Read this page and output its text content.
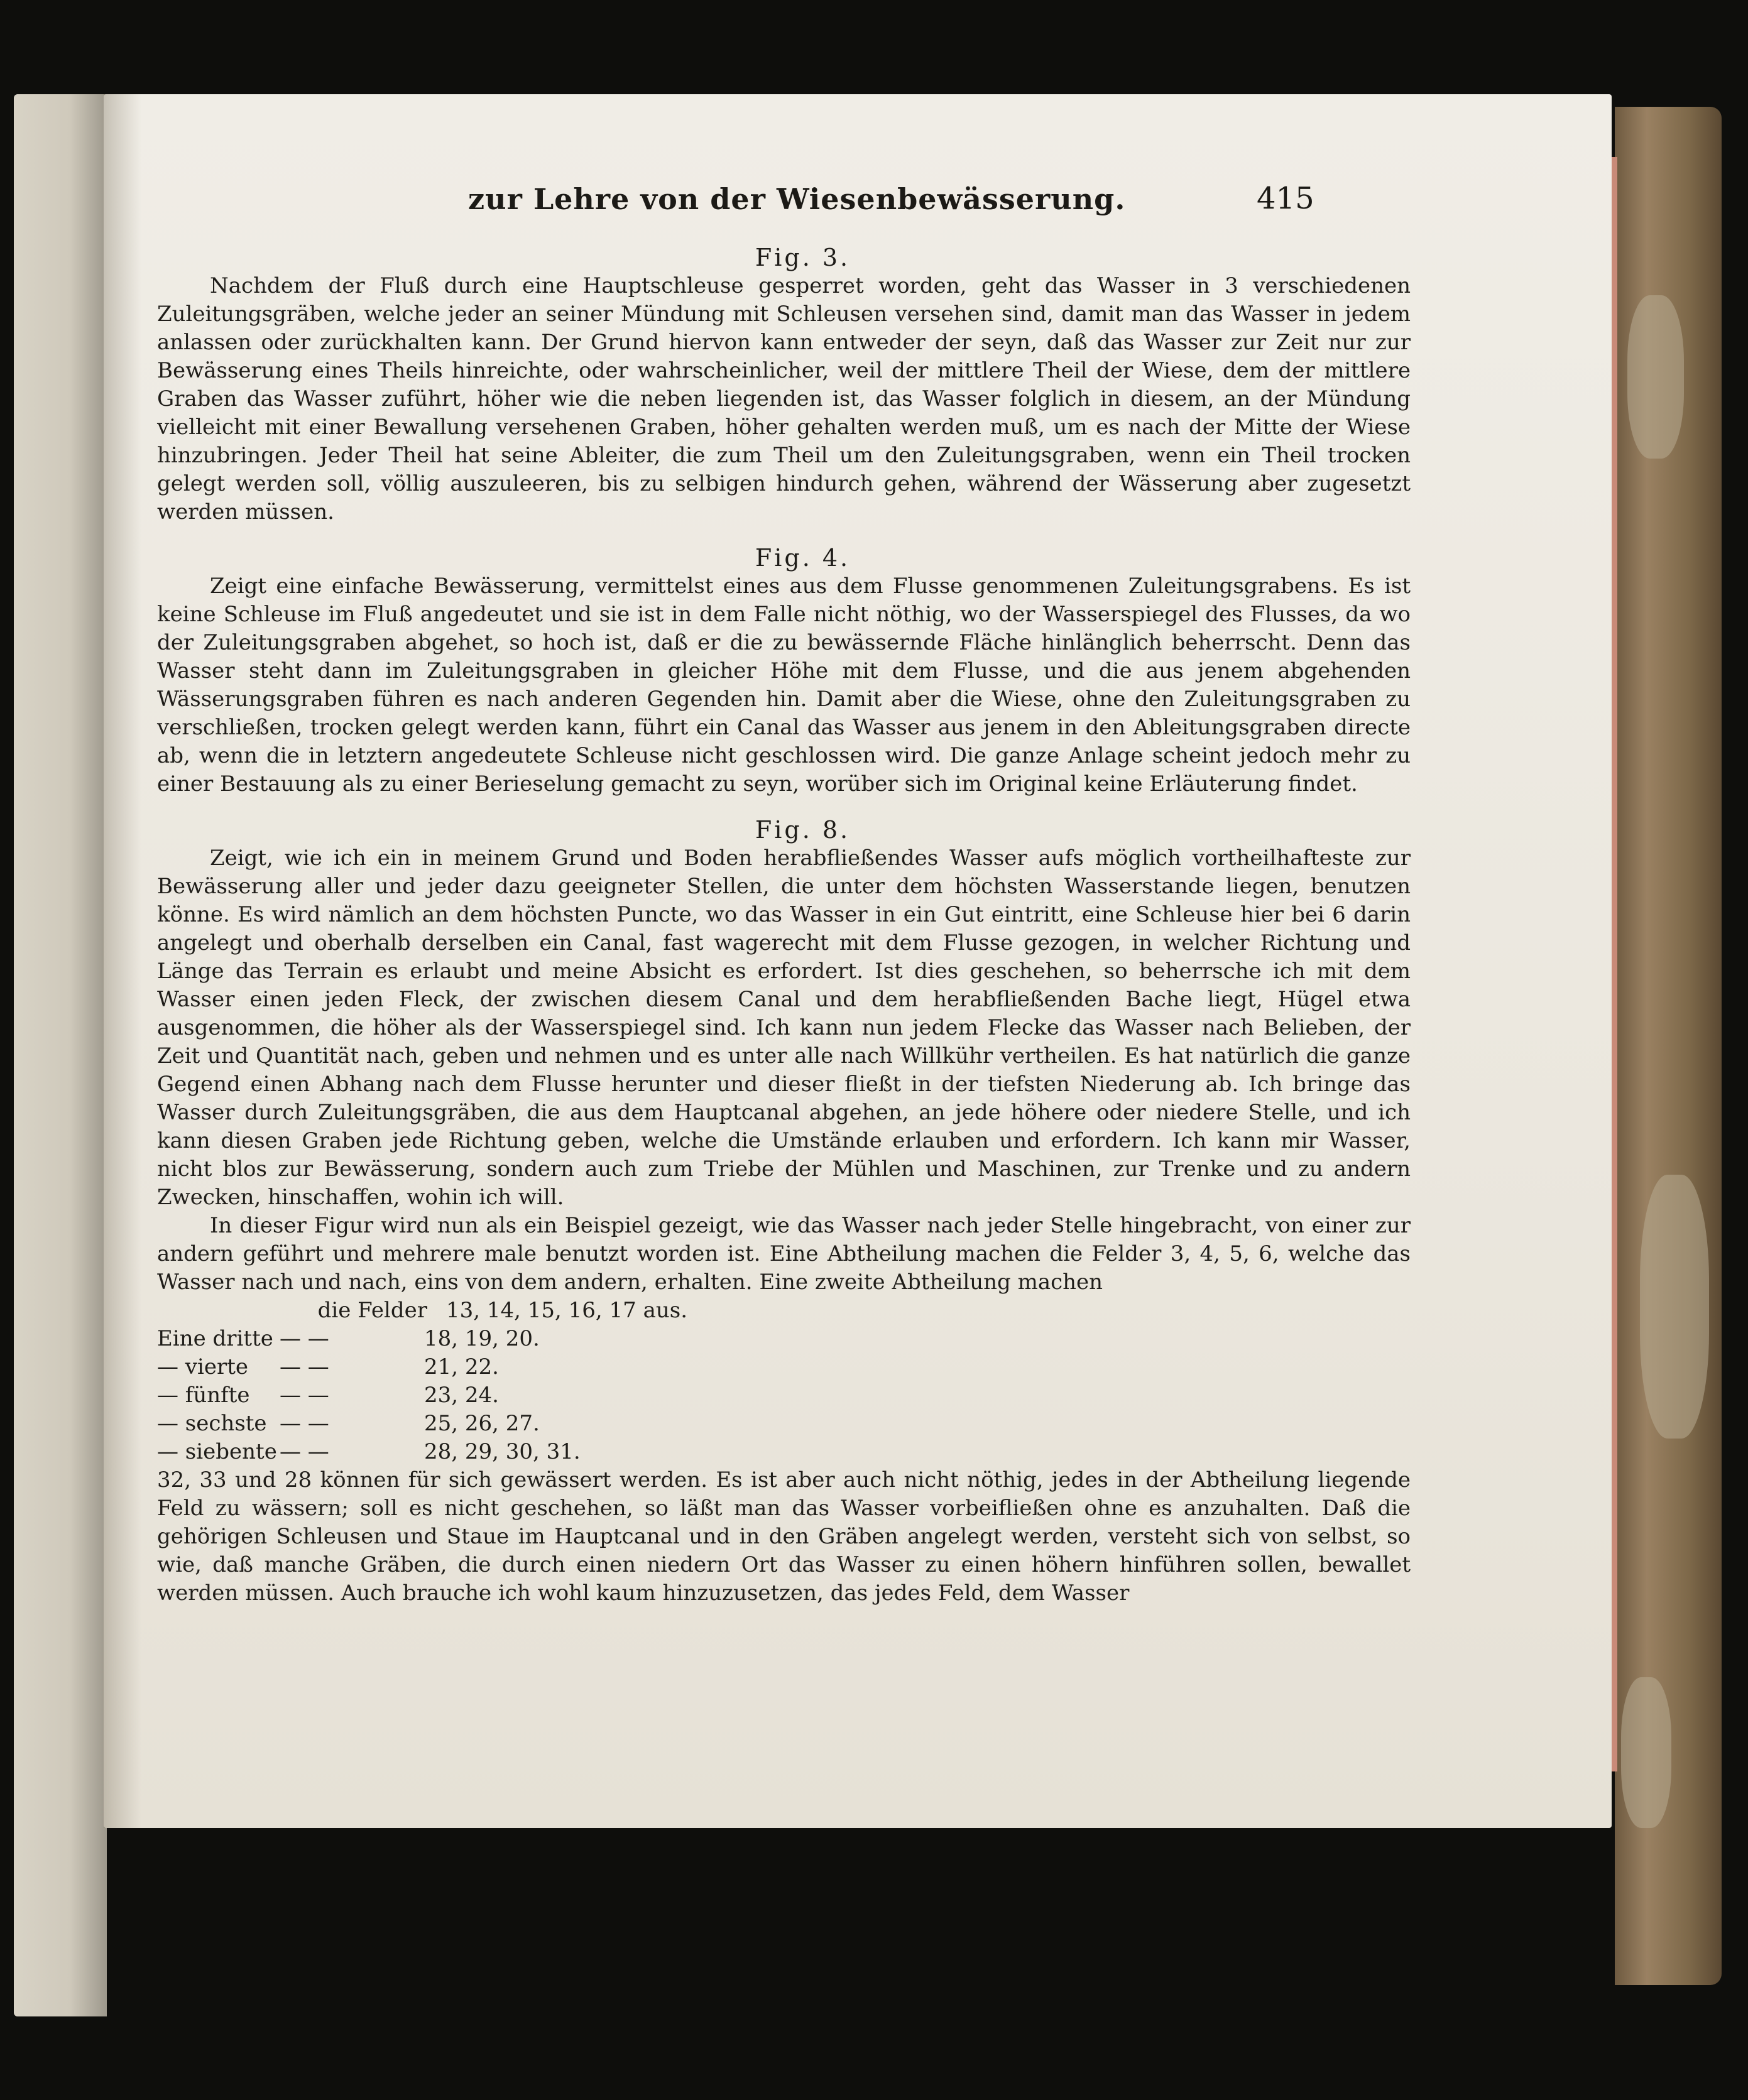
zur Lehre von der Wiesenbewässerung.	415

Fig. 3.

Nachdem der Fluß durch eine Hauptschleuse gesperret worden, geht das Wasser in 3 verschiedenen Zuleitungsgräben, welche jeder an seiner Mündung mit Schleusen versehen sind, damit man das Wasser in jedem anlassen oder zurückhalten kann. Der Grund hiervon kann entweder der seyn, daß das Wasser zur Zeit nur zur Bewässerung eines Theils hinreichte, oder wahrscheinlicher, weil der mittlere Theil der Wiese, dem der mittlere Graben das Wasser zuführt, höher wie die neben liegenden ist, das Wasser folglich in diesem, an der Mündung vielleicht mit einer Bewallung versehenen Graben, höher gehalten werden muß, um es nach der Mitte der Wiese hinzubringen. Jeder Theil hat seine Ableiter, die zum Theil um den Zuleitungsgraben, wenn ein Theil trocken gelegt werden soll, völlig auszuleeren, bis zu selbigen hindurch gehen, während der Wässerung aber zugesetzt werden müssen.

Fig. 4.

Zeigt eine einfache Bewässerung, vermittelst eines aus dem Flusse genommenen Zuleitungsgrabens. Es ist keine Schleuse im Fluß angedeutet und sie ist in dem Falle nicht nöthig, wo der Wasserspiegel des Flusses, da wo der Zuleitungsgraben abgehet, so hoch ist, daß er die zu bewässernde Fläche hinlänglich beherrscht. Denn das Wasser steht dann im Zuleitungsgraben in gleicher Höhe mit dem Flusse, und die aus jenem abgehenden Wässerungsgraben führen es nach anderen Gegenden hin. Damit aber die Wiese, ohne den Zuleitungsgraben zu verschließen, trocken gelegt werden kann, führt ein Canal das Wasser aus jenem in den Ableitungsgraben directe ab, wenn die in letztern angedeutete Schleuse nicht geschlossen wird. Die ganze Anlage scheint jedoch mehr zu einer Bestauung als zu einer Berieselung gemacht zu seyn, worüber sich im Original keine Erläuterung findet.

Fig. 8.

Zeigt, wie ich ein in meinem Grund und Boden herabfließendes Wasser aufs möglich vortheilhafteste zur Bewässerung aller und jeder dazu geeigneter Stellen, die unter dem höchsten Wasserstande liegen, benutzen könne. Es wird nämlich an dem höchsten Puncte, wo das Wasser in ein Gut eintritt, eine Schleuse hier bei 6 darin angelegt und oberhalb derselben ein Canal, fast wagerecht mit dem Flusse gezogen, in welcher Richtung und Länge das Terrain es erlaubt und meine Absicht es erfordert. Ist dies geschehen, so beherrsche ich mit dem Wasser einen jeden Fleck, der zwischen diesem Canal und dem herabfließenden Bache liegt, Hügel etwa ausgenommen, die höher als der Wasserspiegel sind. Ich kann nun jedem Flecke das Wasser nach Belieben, der Zeit und Quantität nach, geben und nehmen und es unter alle nach Willkühr vertheilen. Es hat natürlich die ganze Gegend einen Abhang nach dem Flusse herunter und dieser fließt in der tiefsten Niederung ab. Ich bringe das Wasser durch Zuleitungsgräben, die aus dem Hauptcanal abgehen, an jede höhere oder niedere Stelle, und ich kann diesen Graben jede Richtung geben, welche die Umstände erlauben und erfordern. Ich kann mir Wasser, nicht blos zur Bewässerung, sondern auch zum Triebe der Mühlen und Maschinen, zur Trenke und zu andern Zwecken, hinschaffen, wohin ich will.

In dieser Figur wird nun als ein Beispiel gezeigt, wie das Wasser nach jeder Stelle hingebracht, von einer zur andern geführt und mehrere male benutzt worden ist. Eine Abtheilung machen die Felder 3, 4, 5, 6, welche das Wasser nach und nach, eins von dem andern, erhalten. Eine zweite Abtheilung machen

die Felder 13, 14, 15, 16, 17 aus.
Eine dritte — —	18, 19, 20.
— vierte	— —	21, 22.
— fünfte	— —	23, 24.
— sechste — —	25, 26, 27.
— siebente — —	28, 29, 30, 31.

32, 33 und 28 können für sich gewässert werden. Es ist aber auch nicht nöthig, jedes in der Abtheilung liegende Feld zu wässern; soll es nicht geschehen, so läßt man das Wasser vorbeifließen ohne es anzuhalten. Daß die gehörigen Schleusen und Staue im Hauptcanal und in den Gräben angelegt werden, versteht sich von selbst, so wie, daß manche Gräben, die durch einen niedern Ort das Wasser zu einen höhern hinführen sollen, bewallet werden müssen. Auch brauche ich wohl kaum hinzuzusetzen, das jedes Feld, dem Wasser
